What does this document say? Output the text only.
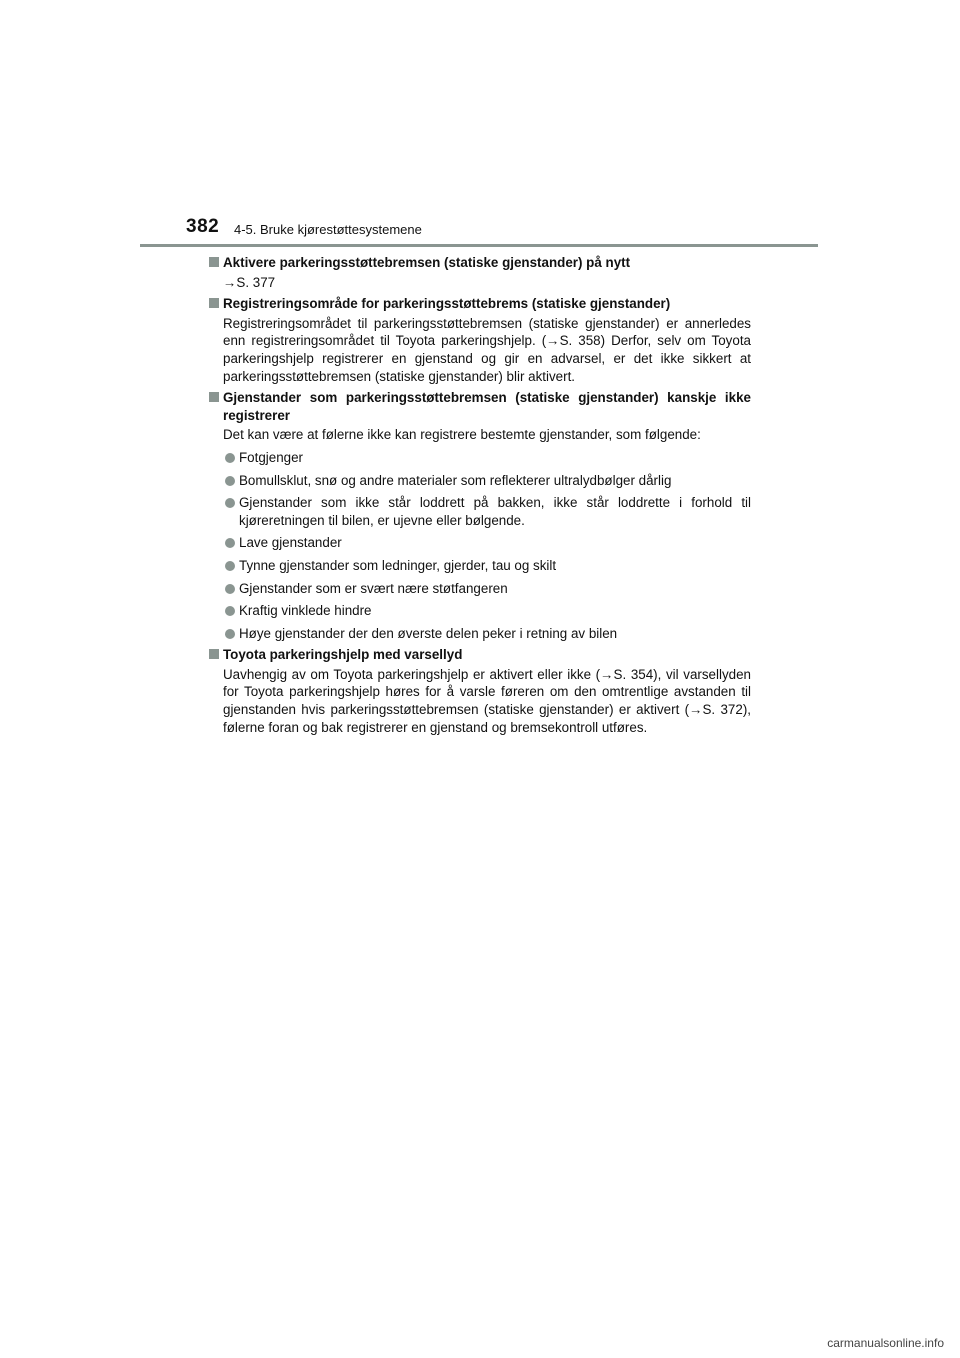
382 4-5. Bruke kjørestøttesystemene
Aktivere parkeringsstøttebremsen (statiske gjenstander) på nytt
→S. 377
Registreringsområde for parkeringsstøttebrems (statiske gjenstander)
Registreringsområdet til parkeringsstøttebremsen (statiske gjenstander) er annerledes enn registreringsområdet til Toyota parkeringshjelp. (→S. 358) Derfor, selv om Toyota parkeringshjelp registrerer en gjenstand og gir en advarsel, er det ikke sikkert at parkeringsstøttebremsen (statiske gjenstander) blir aktivert.
Gjenstander som parkeringsstøttebremsen (statiske gjenstander) kanskje ikke registrerer
Det kan være at følerne ikke kan registrere bestemte gjenstander, som følgende:
Fotgjenger
Bomullsklut, snø og andre materialer som reflekterer ultralydbølger dårlig
Gjenstander som ikke står loddrett på bakken, ikke står loddrette i forhold til kjøreretningen til bilen, er ujevne eller bølgende.
Lave gjenstander
Tynne gjenstander som ledninger, gjerder, tau og skilt
Gjenstander som er svært nære støtfangeren
Kraftig vinklede hindre
Høye gjenstander der den øverste delen peker i retning av bilen
Toyota parkeringshjelp med varsellyd
Uavhengig av om Toyota parkeringshjelp er aktivert eller ikke (→S. 354), vil varsellyden for Toyota parkeringshjelp høres for å varsle føreren om den omtrentlige avstanden til gjenstanden hvis parkeringsstøttebremsen (statiske gjenstander) er aktivert (→S. 372), følerne foran og bak registrerer en gjenstand og bremsekontroll utføres.
carmanualsonline.info
